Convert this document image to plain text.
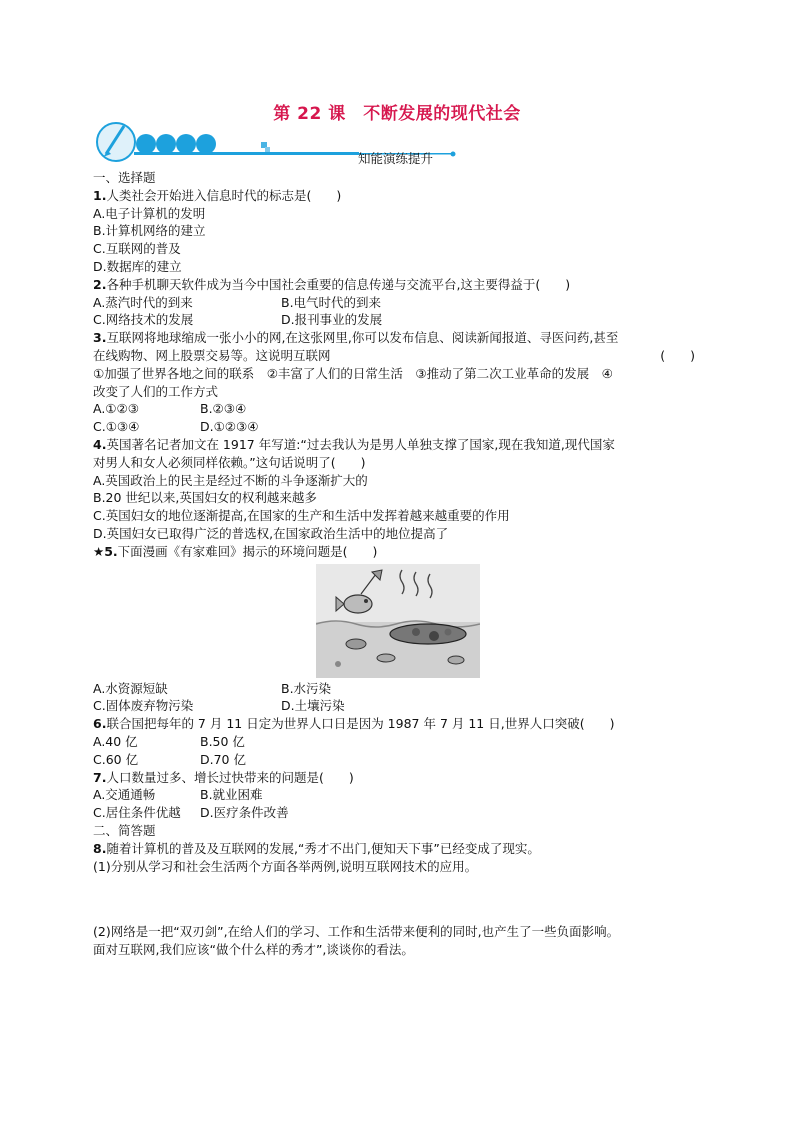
第 22 课　不断发展的现代社会
知能演练提升
一、选择题
1.人类社会开始进入信息时代的标志是(　　)
A.电子计算机的发明
B.计算机网络的建立
C.互联网的普及
D.数据库的建立
2.各种手机聊天软件成为当今中国社会重要的信息传递与交流平台,这主要得益于(　　)
A.蒸汽时代的到来	B.电气时代的到来
C.网络技术的发展	D.报刊事业的发展
3.互联网将地球缩成一张小小的网,在这张网里,你可以发布信息、阅读新闻报道、寻医问药,甚至
在线购物、网上股票交易等。这说明互联网	(　　)
①加强了世界各地之间的联系　②丰富了人们的日常生活　③推动了第二次工业革命的发展　④
改变了人们的工作方式
A.①②③	B.②③④
C.①③④	D.①②③④
4.英国著名记者加文在 1917 年写道:“过去我认为是男人单独支撑了国家,现在我知道,现代国家
对男人和女人必须同样依赖。”这句话说明了(　　)
A.英国政治上的民主是经过不断的斗争逐渐扩大的
B.20 世纪以来,英国妇女的权利越来越多
C.英国妇女的地位逐渐提高,在国家的生产和生活中发挥着越来越重要的作用
D.英国妇女已取得广泛的普选权,在国家政治生活中的地位提高了
★5.下面漫画《有家难回》揭示的环境问题是(　　)
A.水资源短缺	B.水污染
C.固体废弃物污染	D.土壤污染
6.联合国把每年的 7 月 11 日定为世界人口日是因为 1987 年 7 月 11 日,世界人口突破(　　)
A.40 亿	B.50 亿
C.60 亿	D.70 亿
7.人口数量过多、增长过快带来的问题是(　　)
A.交通通畅	B.就业困难
C.居住条件优越	D.医疗条件改善
二、简答题
8.随着计算机的普及及互联网的发展,“秀才不出门,便知天下事”已经变成了现实。
(1)分别从学习和社会生活两个方面各举两例,说明互联网技术的应用。
(2)网络是一把“双刃剑”,在给人们的学习、工作和生活带来便利的同时,也产生了一些负面影响。
面对互联网,我们应该“做个什么样的秀才”,谈谈你的看法。
